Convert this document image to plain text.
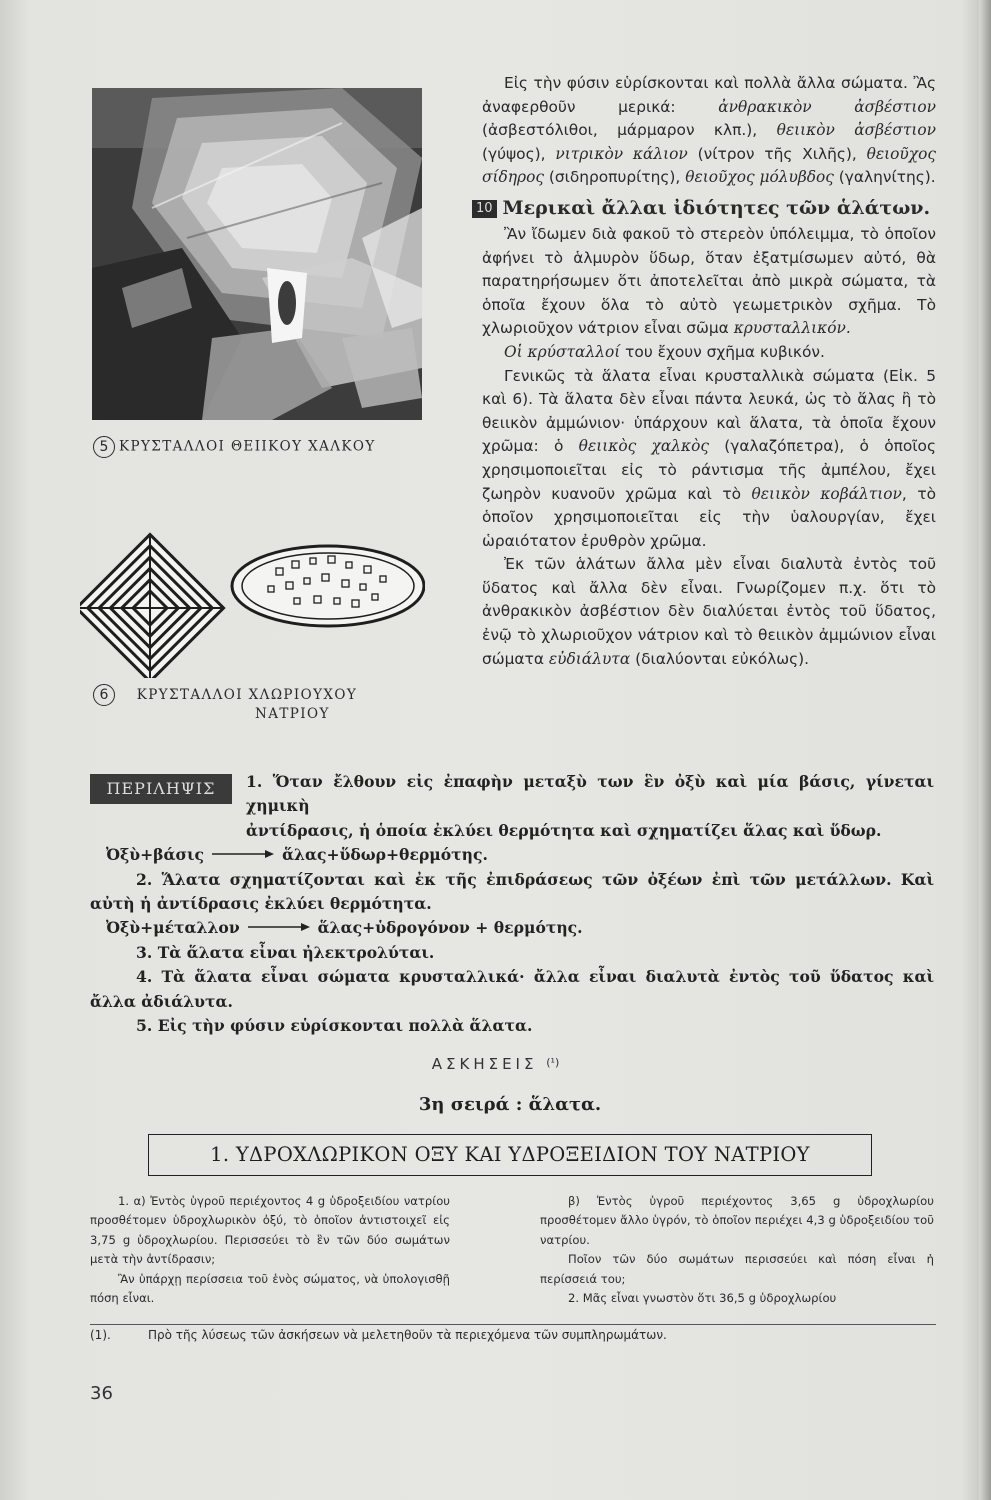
5 ΚΡΥΣΤΑΛΛΟΙ ΘΕΙΙΚΟΥ ΧΑΛΚΟΥ
6 ΚΡΥΣΤΑΛΛΟΙ ΧΛΩΡΙΟΥΧΟΥ
ΝΑΤΡΙΟΥ

Εἰς τὴν φύσιν εὑρίσκονται καὶ πολλὰ ἄλλα σώματα. Ἂς ἀναφερθοῦν μερικά: ἀνθρακικὸν ἀσβέστιον (ἀσβεστόλιθοι, μάρμαρον κλπ.), θειικὸν ἀσβέστιον (γύψος), νιτρικὸν κάλιον (νίτρον τῆς Χιλῆς), θειοῦχος σίδηρος (σιδηροπυρίτης), θειοῦχος μόλυβδος (γαληνίτης).

10 Μερικαὶ ἄλλαι ἰδιότητες τῶν ἁλάτων.

Ἂν ἴδωμεν διὰ φακοῦ τὸ στερεὸν ὑπόλειμμα, τὸ ὁποῖον ἀφήνει τὸ ἁλμυρὸν ὕδωρ, ὅταν ἐξατμίσωμεν αὐτό, θὰ παρατηρήσωμεν ὅτι ἀποτελεῖται ἀπὸ μικρὰ σώματα, τὰ ὁποῖα ἔχουν ὅλα τὸ αὐτὸ γεωμετρικὸν σχῆμα. Τὸ χλωριοῦχον νάτριον εἶναι σῶμα κρυσταλλικόν.

Οἱ κρύσταλλοί του ἔχουν σχῆμα κυβικόν.

Γενικῶς τὰ ἅλατα εἶναι κρυσταλλικὰ σώματα (Εἰκ. 5 καὶ 6). Τὰ ἅλατα δὲν εἶναι πάντα λευκά, ὡς τὸ ἅλας ἢ τὸ θειικὸν ἀμμώνιον· ὑπάρχουν καὶ ἅλατα, τὰ ὁποῖα ἔχουν χρῶμα: ὁ θειικὸς χαλκὸς (γαλαζόπετρα), ὁ ὁποῖος χρησιμοποιεῖται εἰς τὸ ράντισμα τῆς ἀμπέλου, ἔχει ζωηρὸν κυανοῦν χρῶμα καὶ τὸ θειικὸν κοβάλτιον, τὸ ὁποῖον χρησιμοποιεῖται εἰς τὴν ὑαλουργίαν, ἔχει ὡραιότατον ἐρυθρὸν χρῶμα.

Ἐκ τῶν ἁλάτων ἄλλα μὲν εἶναι διαλυτὰ ἐντὸς τοῦ ὕδατος καὶ ἄλλα δὲν εἶναι. Γνωρίζομεν π.χ. ὅτι τὸ ἀνθρακικὸν ἀσβέστιον δὲν διαλύεται ἐντὸς τοῦ ὕδατος, ἐνῷ τὸ χλωριοῦχον νάτριον καὶ τὸ θειικὸν ἀμμώνιον εἶναι σώματα εὐδιάλυτα (διαλύονται εὐκόλως).

ΠΕΡΙΛΗΨΙΣ	1. Ὅταν ἔλθουν εἰς ἐπαφὴν μεταξὺ των ἓν ὀξὺ καὶ μία βάσις, γίνεται χημικὴ

ἀντίδρασις, ἡ ὁποία ἐκλύει θερμότητα καὶ σχηματίζει ἅλας καὶ ὕδωρ.

Ὀξὺ+βάσις	ἅλας+ὕδωρ+θερμότης.

2. Ἅλατα σχηματίζονται καὶ ἐκ τῆς ἐπιδράσεως τῶν ὀξέων ἐπὶ τῶν μετάλλων. Καὶ αὐτὴ ἡ ἀντίδρασις ἐκλύει θερμότητα.

Ὀξὺ+μέταλλον	ἅλας+ὑδρογόνον + θερμότης.

3. Τὰ ἅλατα εἶναι ἠλεκτρολύται.

4. Τὰ ἅλατα εἶναι σώματα κρυσταλλικά· ἄλλα εἶναι διαλυτὰ ἐντὸς τοῦ ὕδατος καὶ ἄλλα ἀδιάλυτα.

5. Εἰς τὴν φύσιν εὑρίσκονται πολλὰ ἅλατα.

ΑΣΚΗΣΕΙΣ $^{(^1)}$
3η σειρά : ἅλατα.
1. ΥΔΡΟΧΛΩΡΙΚΟΝ ΟΞΥ ΚΑΙ ΥΔΡΟΞΕΙΔΙΟΝ ΤΟΥ ΝΑΤΡΙΟΥ

1. α) Ἐντὸς ὑγροῦ περιέχοντος 4 g ὑδροξειδίου νατρίου προσθέτομεν ὑδροχλωρικὸν ὀξύ, τὸ ὁποῖον ἀντιστοιχεῖ εἰς 3,75 g ὑδροχλωρίου. Περισσεύει τὸ ἓν τῶν δύο σωμάτων μετὰ τὴν ἀντίδρασιν;

Ἂν ὑπάρχῃ περίσσεια τοῦ ἑνὸς σώματος, νὰ ὑπολογισθῇ πόση εἶναι.

β) Ἐντὸς ὑγροῦ περιέχοντος 3,65 g ὑδροχλωρίου προσθέτομεν ἄλλο ὑγρόν, τὸ ὁποῖον περιέχει 4,3 g ὑδροξειδίου τοῦ νατρίου.

Ποῖον τῶν δύο σωμάτων περισσεύει καὶ πόση εἶναι ἡ περίσσειά του;

2. Μᾶς εἶναι γνωστὸν ὅτι 36,5 g ὑδροχλωρίου

(1).	Πρὸ τῆς λύσεως τῶν ἀσκήσεων νὰ μελετηθοῦν τὰ περιεχόμενα τῶν συμπληρωμάτων.
36
